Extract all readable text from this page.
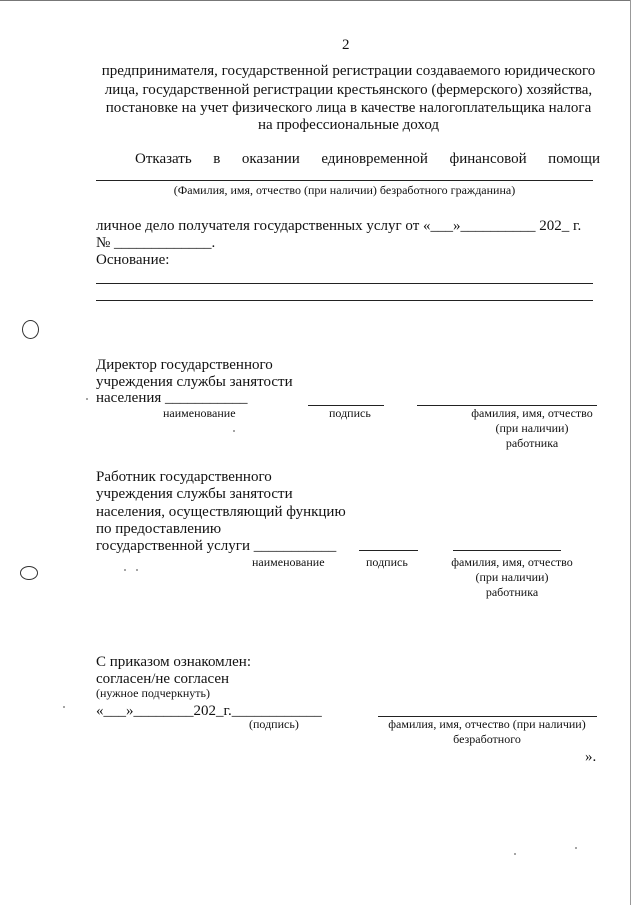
2
предпринимателя, государственной регистрации создаваемого юридического
лица, государственной регистрации крестьянского (фермерского) хозяйства,
постановке на учет физического лица в качестве налогоплательщика налога
на профессиональные доход
Отказать в оказании единовременной финансовой помощи
(Фамилия, имя, отчество (при наличии) безработного гражданина)
личное дело получателя государственных услуг от «___»__________ 202_ г.
№ _____________.
Основание:
Директор государственного
учреждения службы занятости
населения ___________
наименование	подпись	фамилия, имя, отчество
(при наличии)
работника
Работник государственного
учреждения службы занятости
населения, осуществляющий функцию
по предоставлению
государственной услуги ___________
наименование	подпись	фамилия, имя, отчество
(при наличии)
работника
С приказом ознакомлен:
согласен/не согласен
(нужное подчеркнуть)
«___»________202_г.____________
(подпись)	фамилия, имя, отчество (при наличии)
безработного
».
